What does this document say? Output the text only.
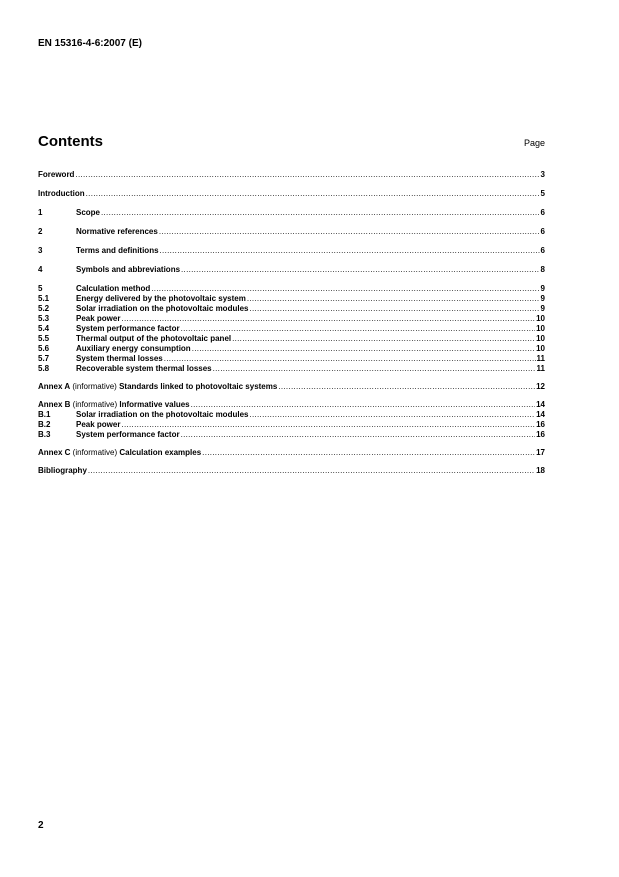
EN 15316-4-6:2007 (E)
Contents	Page
Foreword .....	3
Introduction .....	5
1	Scope .....	6
2	Normative references .....	6
3	Terms and definitions .....	6
4	Symbols and abbreviations .....	8
5	Calculation method .....	9
5.1	Energy delivered by the photovoltaic system .....	9
5.2	Solar irradiation on the photovoltaic modules .....	9
5.3	Peak power .....	10
5.4	System performance factor .....	10
5.5	Thermal output of the photovoltaic panel .....	10
5.6	Auxiliary energy consumption .....	10
5.7	System thermal losses .....	11
5.8	Recoverable system thermal losses .....	11
Annex A (informative) Standards linked to photovoltaic systems .....	12
Annex B (informative) Informative values .....	14
B.1	Solar irradiation on the photovoltaic modules .....	14
B.2	Peak power .....	16
B.3	System performance factor .....	16
Annex C (informative) Calculation examples .....	17
Bibliography .....	18
2
